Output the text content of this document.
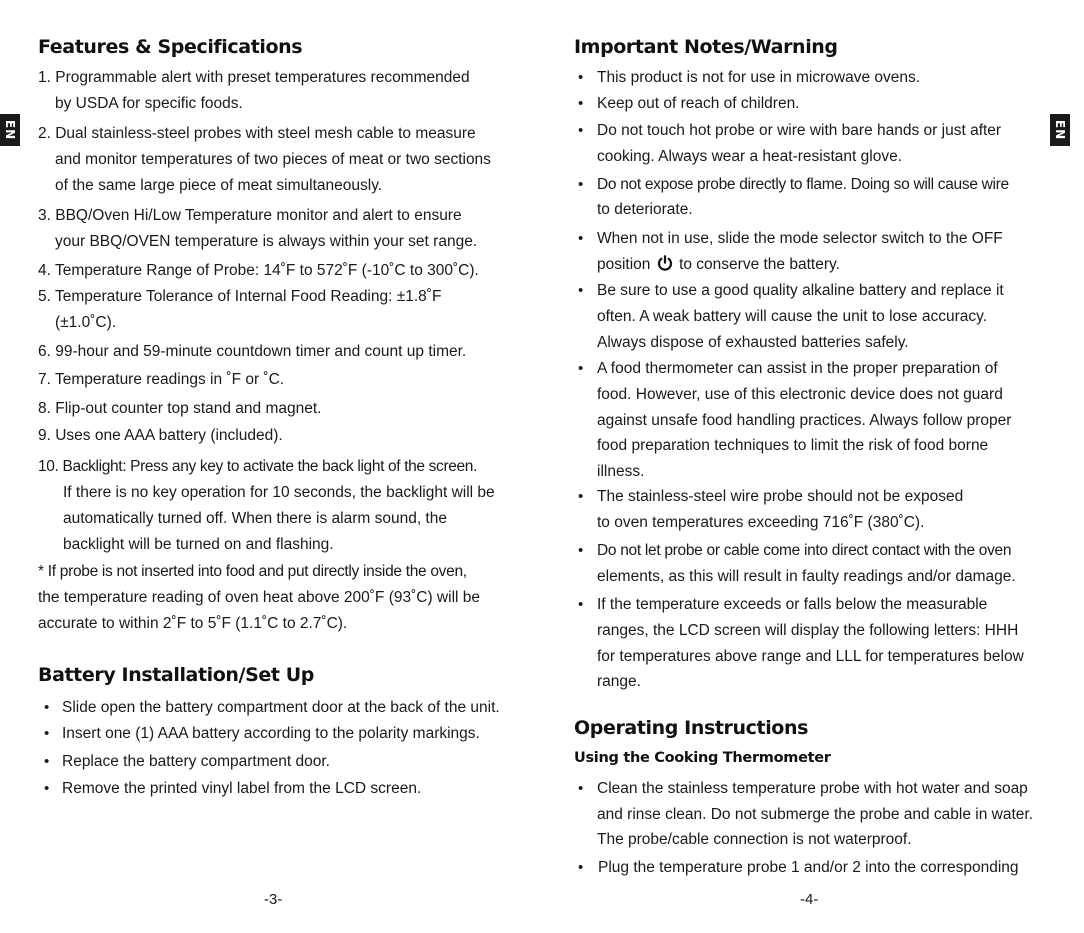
EN
Features & Specifications
1. Programmable alert with preset temperatures recommended
by USDA for specific foods.
2. Dual stainless-steel probes with steel mesh cable to measure
and monitor temperatures of two pieces of meat or two sections
of the same large piece of meat simultaneously.
3. BBQ/Oven Hi/Low Temperature monitor and alert to ensure
your BBQ/OVEN temperature is always within your set range.
4. Temperature Range of Probe: 14˚F to 572˚F (-10˚C to 300˚C).
5. Temperature Tolerance of Internal Food Reading: ±1.8˚F
(±1.0˚C).
6. 99-hour and 59-minute countdown timer and count up timer.
7. Temperature readings in ˚F or ˚C.
8. Flip-out counter top stand and magnet.
9. Uses one AAA battery (included).
10. Backlight: Press any key to activate the back light of the screen.
If there is no key operation for 10 seconds, the backlight will be
automatically turned off. When there is alarm sound, the
backlight will be turned on and flashing.
* If probe is not inserted into food and put directly inside the oven,
the temperature reading of oven heat above 200˚F (93˚C) will be
accurate to within 2˚F to 5˚F (1.1˚C to 2.7˚C).
Battery Installation/Set Up
• Slide open the battery compartment door at the back of the unit.
• Insert one (1) AAA battery according to the polarity markings.
• Replace the battery compartment door.
• Remove the printed vinyl label from the LCD screen.
-3-
EN
Important Notes/Warning
• This product is not for use in microwave ovens.
• Keep out of reach of children.
• Do not touch hot probe or wire with bare hands or just after
cooking. Always wear a heat-resistant glove.
• Do not expose probe directly to flame. Doing so will cause wire
to deteriorate.
• When not in use, slide the mode selector switch to the OFF
position to conserve the battery.
• Be sure to use a good quality alkaline battery and replace it
often. A weak battery will cause the unit to lose accuracy.
Always dispose of exhausted batteries safely.
• A food thermometer can assist in the proper preparation of
food. However, use of this electronic device does not guard
against unsafe food handling practices. Always follow proper
food preparation techniques to limit the risk of food borne
illness.
• The stainless-steel wire probe should not be exposed
to oven temperatures exceeding 716˚F (380˚C).
• Do not let probe or cable come into direct contact with the oven
elements, as this will result in faulty readings and/or damage.
• If the temperature exceeds or falls below the measurable
ranges, the LCD screen will display the following letters: HHH
for temperatures above range and LLL for temperatures below
range.
Operating Instructions
Using the Cooking Thermometer
• Clean the stainless temperature probe with hot water and soap
and rinse clean. Do not submerge the probe and cable in water.
The probe/cable connection is not waterproof.
• Plug the temperature probe 1 and/or 2 into the corresponding
-4-
